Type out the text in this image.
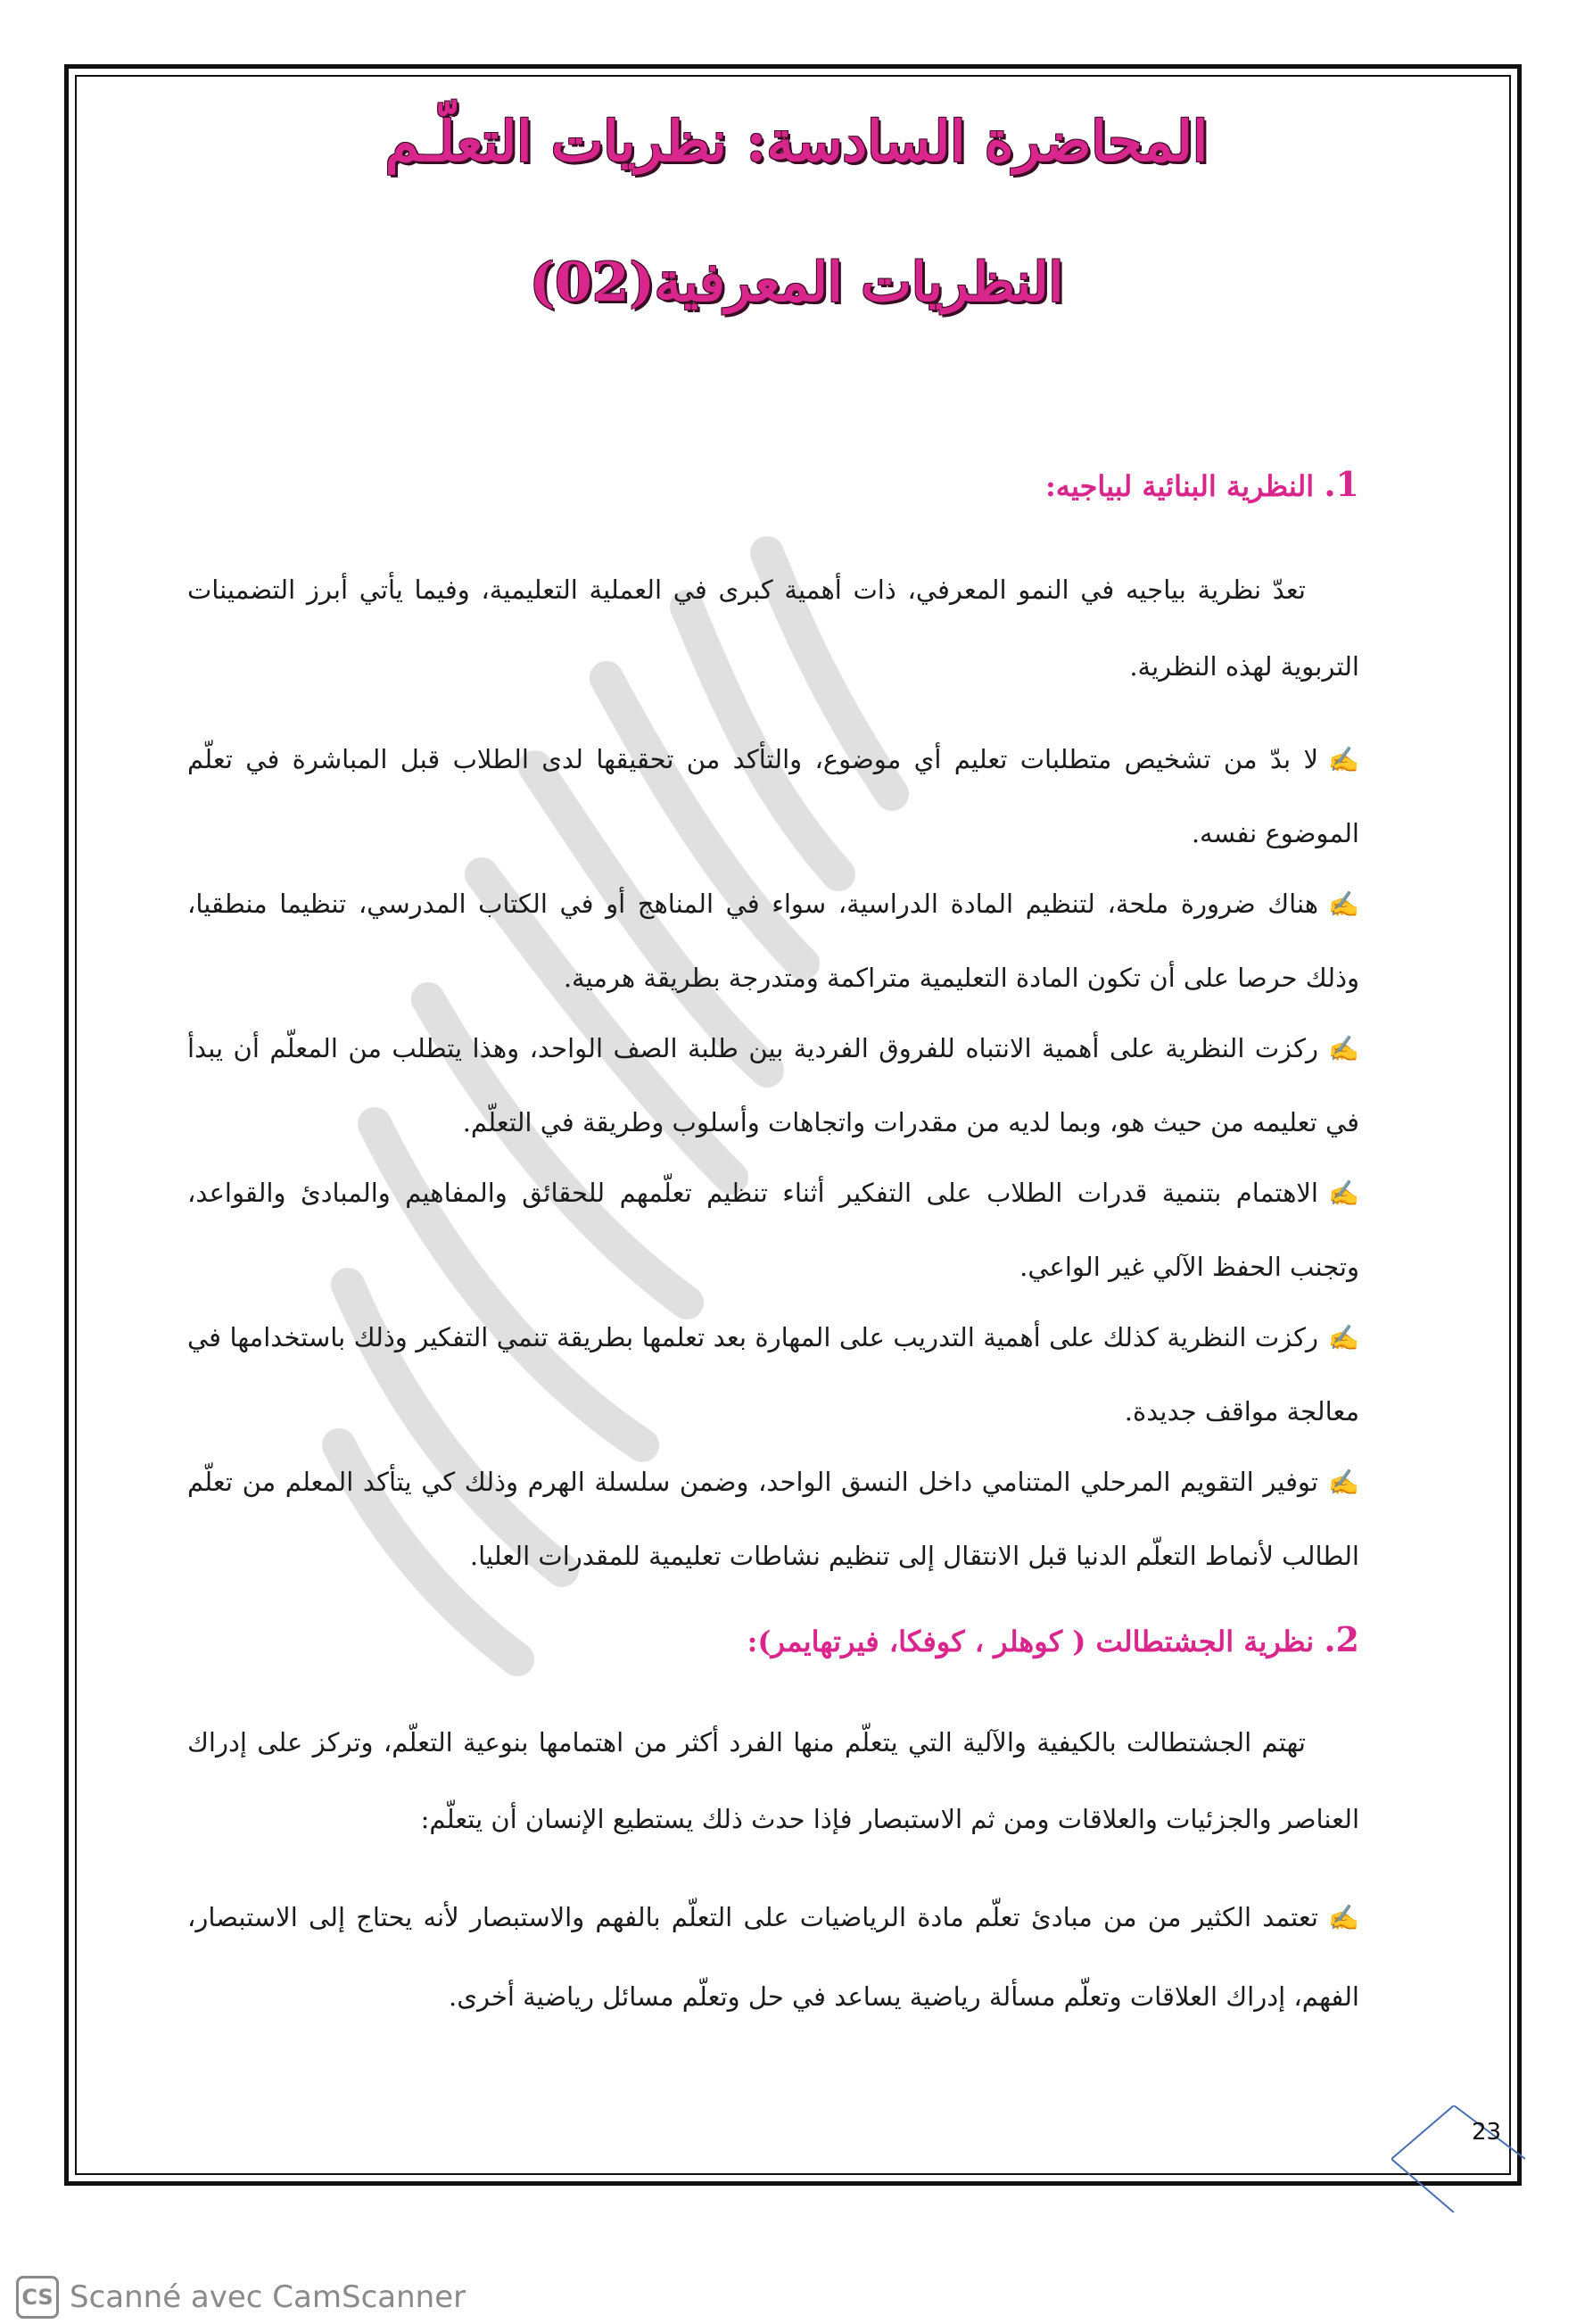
المحاضرة السادسة: نظريات التعلّـم
النظريات المعرفية(02)
1. النظرية البنائية لبياجيه:
تعدّ نظرية بياجيه في النمو المعرفي، ذات أهمية كبرى في العملية التعليمية، وفيما يأتي أبرز التضمينات التربوية لهذه النظرية.
✍لا بدّ من تشخيص متطلبات تعليم أي موضوع، والتأكد من تحقيقها لدى الطلاب قبل المباشرة في تعلّم الموضوع نفسه.
✍هناك ضرورة ملحة، لتنظيم المادة الدراسية، سواء في المناهج أو في الكتاب المدرسي، تنظيما منطقيا، وذلك حرصا على أن تكون المادة التعليمية متراكمة ومتدرجة بطريقة هرمية.
✍ركزت النظرية على أهمية الانتباه للفروق الفردية بين طلبة الصف الواحد، وهذا يتطلب من المعلّم أن يبدأ في تعليمه من حيث هو، وبما لديه من مقدرات واتجاهات وأسلوب وطريقة في التعلّم.
✍الاهتمام بتنمية قدرات الطلاب على التفكير أثناء تنظيم تعلّمهم للحقائق والمفاهيم والمبادئ والقواعد، وتجنب الحفظ الآلي غير الواعي.
✍ركزت النظرية كذلك على أهمية التدريب على المهارة بعد تعلمها بطريقة تنمي التفكير وذلك باستخدامها في معالجة مواقف جديدة.
✍توفير التقويم المرحلي المتنامي داخل النسق الواحد، وضمن سلسلة الهرم وذلك كي يتأكد المعلم من تعلّم الطالب لأنماط التعلّم الدنيا قبل الانتقال إلى تنظيم نشاطات تعليمية للمقدرات العليا.
2. نظرية الجشتطالت ( كوهلر ، كوفكا، فيرتهايمر):
تهتم الجشتطالت بالكيفية والآلية التي يتعلّم منها الفرد أكثر من اهتمامها بنوعية التعلّم، وتركز على إدراك العناصر والجزئيات والعلاقات ومن ثم الاستبصار فإذا حدث ذلك يستطيع الإنسان أن يتعلّم:
✍تعتمد الكثير من من مبادئ تعلّم مادة الرياضيات على التعلّم بالفهم والاستبصار لأنه يحتاج إلى الاستبصار، الفهم، إدراك العلاقات وتعلّم مسألة رياضية يساعد في حل وتعلّم مسائل رياضية أخرى.
23
CS Scanné avec CamScanner
